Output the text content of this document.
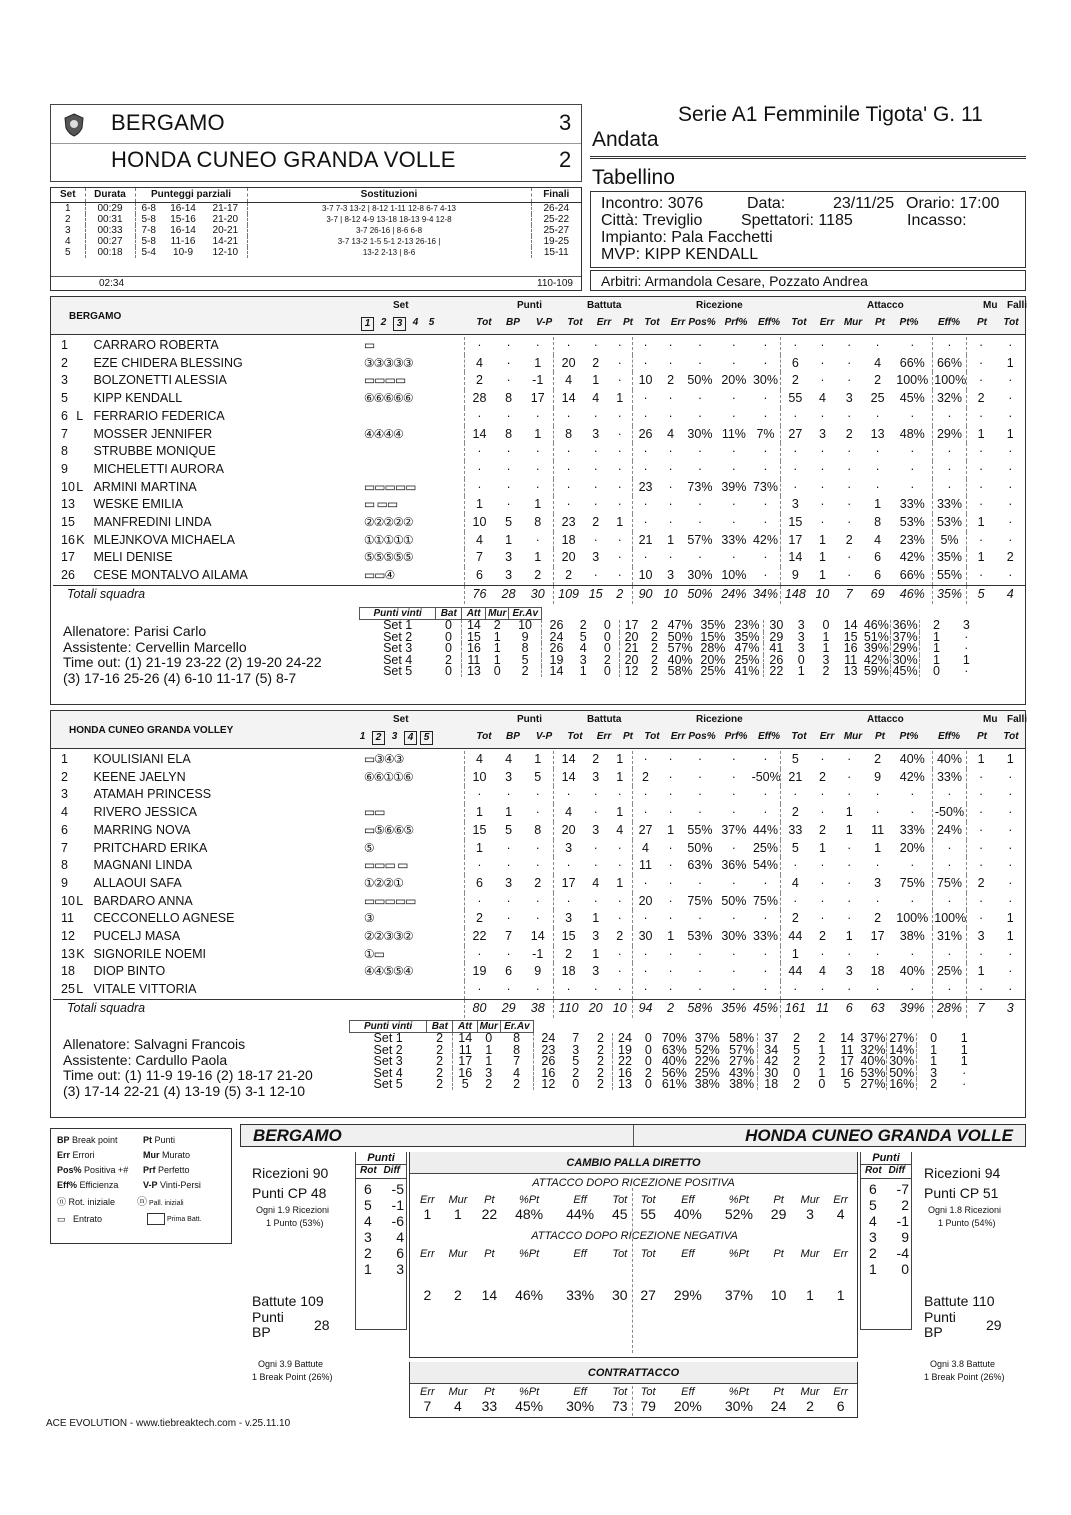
BERGAMO	3
HONDA CUNEO GRANDA VOLLE	2
Serie A1 Femminile Tigota' G. 11
Andata
Tabellino
Incontro: 3076	Data:	23/11/25 Orario: 17:00
Città: Treviglio Spettatori: 1185	Incasso:
Impianto: Pala Facchetti
MVP: KIPP KENDALL
Arbitri: Armandola Cesare, Pozzato Andrea
Set	Durata	Punteggi parziali			Sostituzioni	Finali
1	00:29	6-8	16-14	21-17	3-7 7-3 13-2 | 8-12 1-11 12-8 6-7 4-13	26-24
2	00:31	5-8	15-16	21-20	3-7 | 8-12 4-9 13-18 18-13 9-4 12-8	25-22
3	00:33	7-8	16-14	20-21	3-7 26-16 | 8-6 6-8	25-27
4	00:27	5-8	11-16	14-21	3-7 13-2 1-5 5-1 2-13 26-16 |	19-25
5	00:18	5-4	10-9	12-10	13-2 2-13 | 8-6	15-11
02:34	110-109
BERGAMO
1		CARRARO ROBERTA	▭	·	·	·	·	·	·	·	·	·	·	·	·	·	·	·	·	·	·	·
2		EZE CHIDERA BLESSING	③③③③③	4	·	1	20	2	·	·	·	·	·	·	6	·	·	4	66%	66%	·	1
3		BOLZONETTI ALESSIA	▭▭▭▭	2	·	-1	4	1	·	10	2	50%	20%	30%	2	·	·	2	100%	100%	·	·
5		KIPP KENDALL	⑥⑥⑥⑥⑥	28	8	17	14	4	1	·	·	·	·	·	55	4	3	25	45%	32%	2	·
6	L	FERRARIO FEDERICA		·	·	·	·	·	·	·	·	·	·	·	·	·	·	·	·	·	·	·
7		MOSSER JENNIFER	④④④④	14	8	1	8	3	·	26	4	30%	11%	7%	27	3	2	13	48%	29%	1	1
8		STRUBBE MONIQUE		·	·	·	·	·	·	·	·	·	·	·	·	·	·	·	·	·	·	·
9		MICHELETTI AURORA		·	·	·	·	·	·	·	·	·	·	·	·	·	·	·	·	·	·	·
10	L	ARMINI MARTINA	▭▭▭▭▭	·	·	·	·	·	·	23	·	73%	39%	73%	·	·	·	·	·	·	·	·
13		WESKE EMILIA	▭ ▭▭	1	·	1	·	·	·	·	·	·	·	·	3	·	·	1	33%	33%	·	·
15		MANFREDINI LINDA	②②②②②	10	5	8	23	2	1	·	·	·	·	·	15	·	·	8	53%	53%	1	·
16	K	MLEJNKOVA MICHAELA	①①①①①	4	1	·	18	·	·	21	1	57%	33%	42%	17	1	2	4	23%	5%	·	·
17		MELI DENISE	⑤⑤⑤⑤⑤	7	3	1	20	3	·	·	·	·	·	·	14	1	·	6	42%	35%	1	2
26		CESE MONTALVO AILAMA	▭▭④	6	3	2	2	·	·	10	3	30%	10%	·	9	1	·	6	66%	55%	·	·
Totali squadra				76	28	30	109	15	2	90	10	50%	24%	34%	148	10	7	69	46%	35%	5	4
Allenatore: Parisi Carlo
Assistente: Cervellin Marcello
Time out: (1) 21-19 23-22 (2) 19-20 24-22
(3) 17-16 25-26 (4) 6-10 11-17 (5) 8-7
Punti vinti	Bat	Att	Mur	Er.Av																
Set 1	0	14	2	10	26	2	0	17	2	47%	35%	23%	30	3	0	14	46%	36%	2	3
Set 2	0	15	1	9	24	5	0	20	2	50%	15%	35%	29	3	1	15	51%	37%	1	·
Set 3	0	16	1	8	26	4	0	21	2	57%	28%	47%	41	3	1	16	39%	29%	1	·
Set 4	2	11	1	5	19	3	2	20	2	40%	20%	25%	26	0	3	11	42%	30%	1	1
Set 5	0	13	0	2	14	1	0	12	2	58%	25%	41%	22	1	2	13	59%	45%	0	·
Set	Punti	Battuta	Ricezione	Attacco	Mu Falli
Tot	BP	V-P	Tot	Err	Pt	Tot	Err Pos% Prf%	Eff%	Tot	Err Mur	Pt	Pt%	Eff%	Pt	Tot
1	2	3	4	5
HONDA CUNEO GRANDA VOLLEY
1		KOULISIANI ELA	▭③④③	4	4	1	14	2	1	·	·	·	·	·	5	·	·	2	40%	40%	1	1
2		KEENE JAELYN	⑥⑥①①⑥	10	3	5	14	3	1	2	·	·	·	-50%	21	2	·	9	42%	33%	·	·
3		ATAMAH PRINCESS		·	·	·	·	·	·	·	·	·	·	·	·	·	·	·	·	·	·	·
4		RIVERO JESSICA	▭▭	1	1	·	4	·	1	·	·	·	·	·	2	·	1	·	·	-50%	·	·
6		MARRING NOVA	▭⑤⑥⑥⑤	15	5	8	20	3	4	27	1	55%	37%	44%	33	2	1	11	33%	24%	·	·
7		PRITCHARD ERIKA	⑤	1	·	·	3	·	·	4	·	50%	·	25%	5	1	·	1	20%	·	·	·
8		MAGNANI LINDA	▭▭▭ ▭	·	·	·	·	·	·	11	·	63%	36%	54%	·	·	·	·	·	·	·	·
9		ALLAOUI SAFA	①②②①	6	3	2	17	4	1	·	·	·	·	·	4	·	·	3	75%	75%	2	·
10	L	BARDARO ANNA	▭▭▭▭▭	·	·	·	·	·	·	20	·	75%	50%	75%	·	·	·	·	·	·	·	·
11		CECCONELLO AGNESE	③	2	·	·	3	1	·	·	·	·	·	·	2	·	·	2	100%	100%	·	1
12		PUCELJ MASA	②②③③②	22	7	14	15	3	2	30	1	53%	30%	33%	44	2	1	17	38%	31%	3	1
13	K	SIGNORILE NOEMI	①▭	·	·	-1	2	1	·	·	·	·	·	·	1	·	·	·	·	·	·	·
18		DIOP BINTO	④④⑤⑤④	19	6	9	18	3	·	·	·	·	·	·	44	4	3	18	40%	25%	1	·
25	L	VITALE VITTORIA		·	·	·	·	·	·	·	·	·	·	·	·	·	·	·	·	·	·	·
Totali squadra				80	29	38	110	20	10	94	2	58%	35%	45%	161	11	6	63	39%	28%	7	3
Allenatore: Salvagni Francois
Assistente: Cardullo Paola
Time out: (1) 11-9 19-16 (2) 18-17 21-20
(3) 17-14 22-21 (4) 13-19 (5) 3-1 12-10
Punti vinti	Bat	Att	Mur	Er.Av																
Set 1	2	14	0	8	24	7	2	24	0	70%	37%	58%	37	2	2	14	37%	27%	0	1
Set 2	2	11	1	8	23	3	2	19	0	63%	52%	57%	34	5	1	11	32%	14%	1	1
Set 3	2	17	1	7	26	5	2	22	0	40%	22%	27%	42	2	2	17	40%	30%	1	1
Set 4	2	16	3	4	16	2	2	16	2	56%	25%	43%	30	0	1	16	53%	50%	3	·
Set 5	2	5	2	2	12	0	2	13	0	61%	38%	38%	18	2	0	5	27%	16%	2	·
Set	Punti	Battuta	Ricezione	Attacco	Mu Falli
Tot	BP	V-P	Tot	Err	Pt	Tot	Err Pos% Prf%	Eff%	Tot	Err Mur	Pt	Pt%	Eff%	Pt	Tot
1	2	3	4	5
BP Break point	Pt Punti
Err Errori	Mur Murato
Pos% Positiva +# Prf Perfetto
Eff% Efficienza	V-P Vinti-Persi
ⓝ Rot. iniziale ⓝ Pall. iniziali
▭ Entrato	Prima Batt.
BERGAMO	HONDA CUNEO GRANDA VOLLE
Ricezioni 90
Punti CP 48
Ogni 1.9 Ricezioni
1 Punto (53%)
Battute 109
Punti BP	28
Ogni 3.9 Battute
1 Break Point (26%)
Punti
Rot Diff
6	-5
5	-1
4	-6
3	4
2	6
1	3
Ricezioni 94
Punti CP 51
Ogni 1.8 Ricezioni
1 Punto (54%)
Battute 110
Punti BP	29
Ogni 3.8 Battute
1 Break Point (26%)
Punti
Rot Diff
6	-7
5	2
4	-1
3	9
2	-4
1	0
CAMBIO PALLA DIRETTO
ATTACCO DOPO RICEZIONE POSITIVA
Err	Mur	Pt	%Pt	Eff	Tot	Tot	Eff	%Pt	Pt	Mur	Err
1	1	22	48%	44%	45	55	40%	52%	29	3	4
ATTACCO DOPO RICEZIONE NEGATIVA
Err	Mur	Pt	%Pt	Eff	Tot	Tot	Eff	%Pt	Pt	Mur	Err
2	2	14	46%	33%	30	27	29%	37%	10	1	1
CONTRATTACCO
Err	Mur	Pt	%Pt	Eff	Tot	Tot	Eff	%Pt	Pt	Mur	Err
7	4	33	45%	30%	73	79	20%	30%	24	2	6
ACE EVOLUTION - www.tiebreaktech.com - v.25.11.10
